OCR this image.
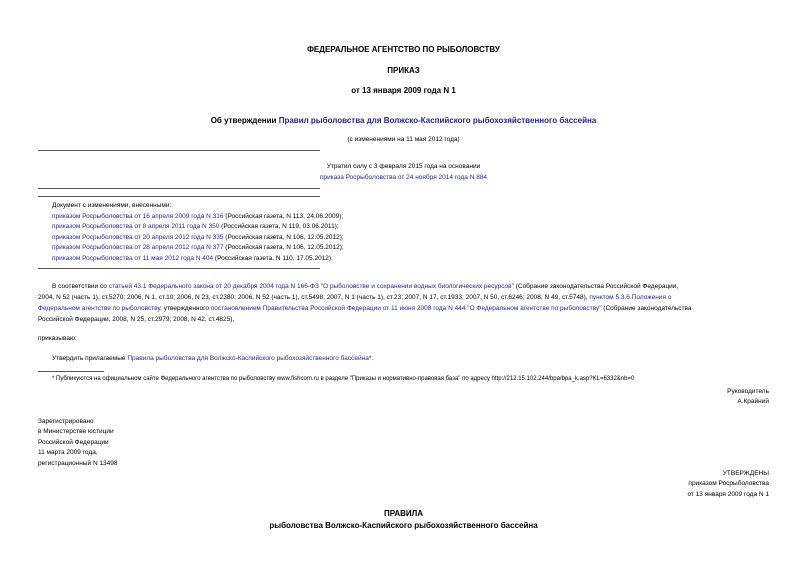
ФЕДЕРАЛЬНОЕ АГЕНТСТВО ПО РЫБОЛОВСТВУ
ПРИКАЗ
от 13 января 2009 года N 1
Об утверждении Правил рыболовства для Волжско-Каспийского рыбохозяйственного бассейна
(с изменениями на 11 мая 2012 года)
Утратил силу с 3 февраля 2015 года на основании
приказа Росрыболовства от 24 ноября 2014 года N 884
Документ с изменениями, внесенными:
приказом Росрыболовства от 16 апреля 2009 года N 316 (Российская газета, N 113, 24.06.2009);
приказом Росрыболовства от 8 апреля 2011 года N 350 (Российская газета, N 119, 03.06.2011);
приказом Росрыболовства от 20 апреля 2012 года N 335 (Российская газета, N 106, 12.05.2012);
приказом Росрыболовства от 28 апреля 2012 года N 377 (Российская газета, N 106, 12.05.2012);
приказом Росрыболовства от 11 мая 2012 года N 404 (Российская газета, N 110, 17.05.2012).
В соответствии со статьей 43.1 Федерального закона от 20 декабря 2004 года N 166-ФЗ "О рыболовстве и сохранении водных биологических ресурсов" (Собрание законодательства Российской Федерации,
2004, N 52 (часть 1), ст.5270; 2006, N 1, ст.10; 2006, N 23, ст.2380; 2006, N 52 (часть 1), ст.5498; 2007, N 1 (часть 1), ст.23; 2007, N 17, ст.1933; 2007, N 50, ст.6246; 2008, N 49, ст.5748), пунктом 5.3.6 Положения о
Федеральном агентстве по рыболовству, утвержденного постановлением Правительства Российской Федерации от 11 июня 2008 года N 444 "О Федеральном агентстве по рыболовству" (Собрание законодательства
Российской Федерации, 2008, N 25, ст.2979; 2008, N 42, ст.4825),
приказываю:
Утвердить прилагаемые Правила рыболовства для Волжско-Каспийского рыбохозяйственного бассейна*.
* Публикуются на официальном сайте Федерального агентства по рыболовству www.fishcom.ru в разделе "Приказы и нормативно-правовая база" по адресу http://212.15.102.244/bpa/bpa_k.asp?KL=6332&nb=0
Руководитель
А.Крайний
Зарегистрировано
в Министерстве юстиции
Российской Федерации
11 марта 2009 года,
регистрационный N 13498
УТВЕРЖДЕНЫ
приказом Росрыболовства
от 13 января 2009 года N 1
ПРАВИЛА
рыболовства Волжско-Каспийского рыбохозяйственного бассейна
